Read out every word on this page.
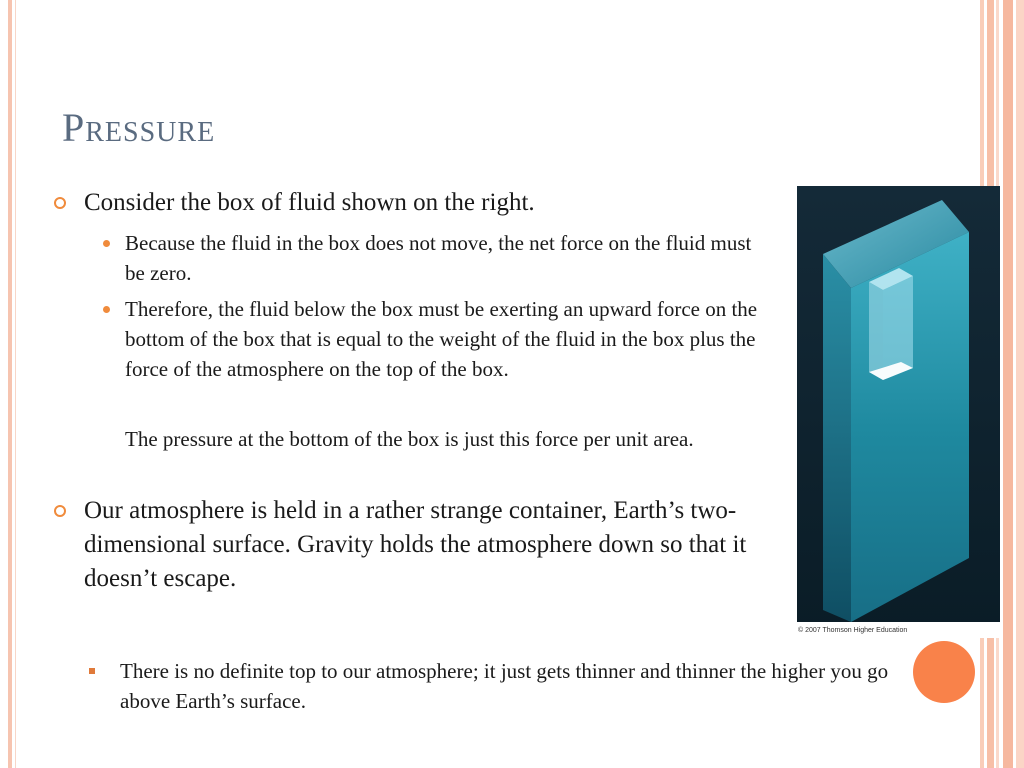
Pressure
Consider the box of fluid shown on the right.
Because the fluid in the box does not move, the net force on the fluid must be zero.
Therefore, the fluid below the box must be exerting an upward force on the bottom of the box that is equal to the weight of the fluid in the box plus the force of the atmosphere on the top of the box.
The pressure at the bottom of the box is just this force per unit area.
Our atmosphere is held in a rather strange container, Earth’s two-dimensional surface. Gravity holds the atmosphere down so that it doesn’t escape.
© 2007 Thomson Higher Education
There is no definite top to our atmosphere; it just gets thinner and thinner the higher you go above Earth’s surface.
